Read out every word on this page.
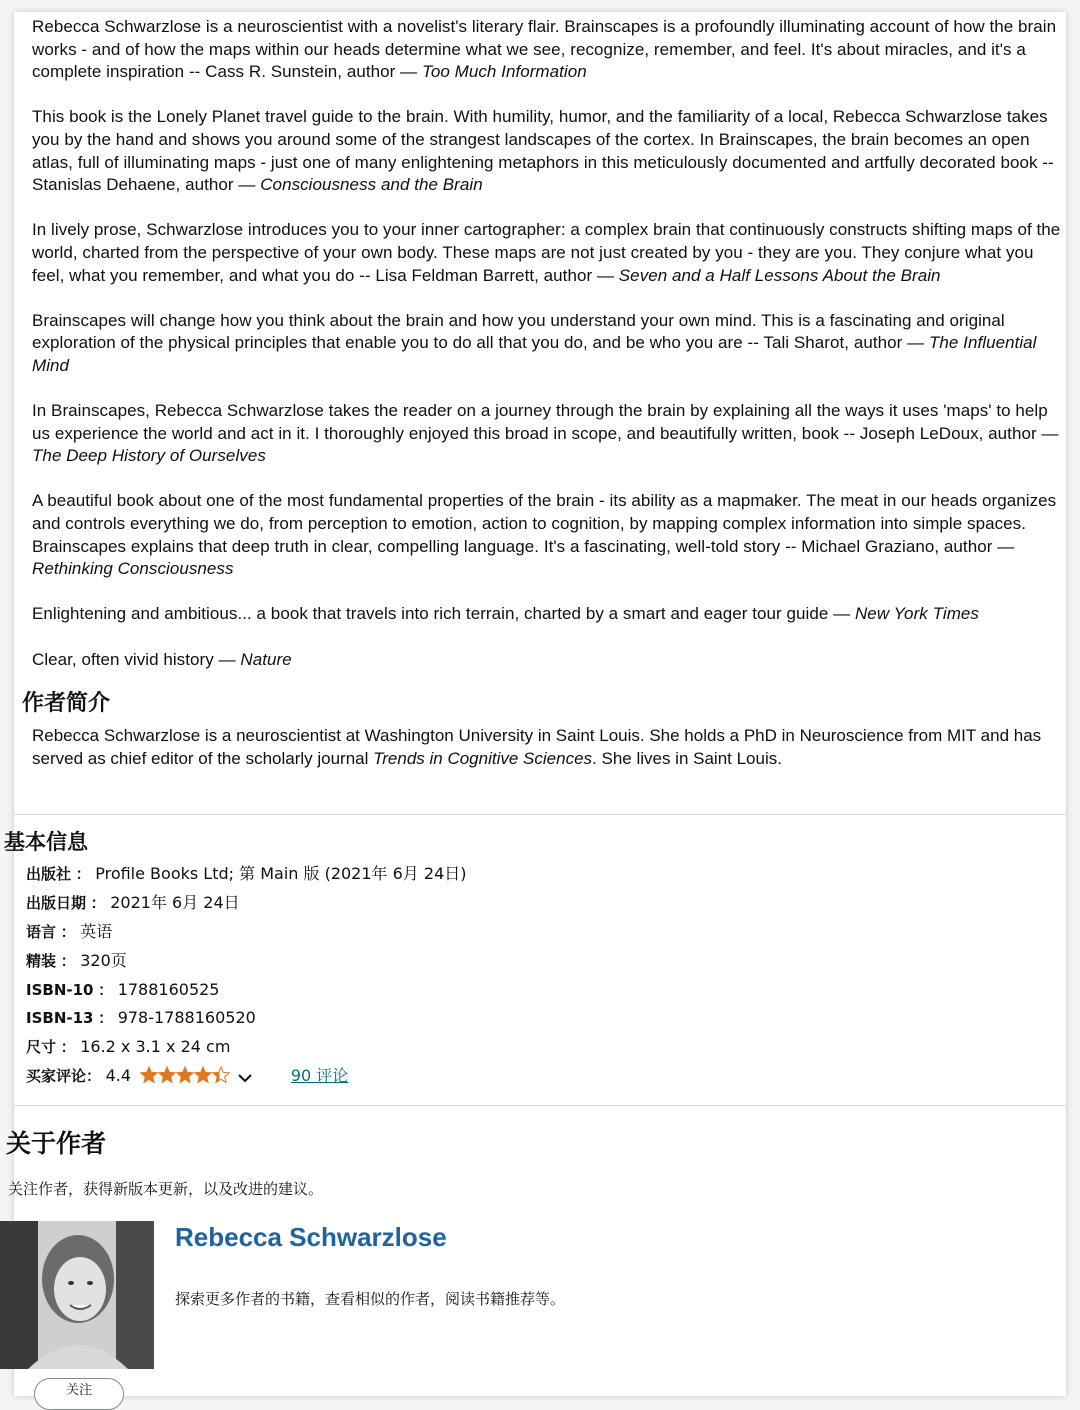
Rebecca Schwarzlose is a neuroscientist with a novelist's literary flair. Brainscapes is a profoundly illuminating account of how the brain works - and of how the maps within our heads determine what we see, recognize, remember, and feel. It's about miracles, and it's a complete inspiration -- Cass R. Sunstein, author — Too Much Information

This book is the Lonely Planet travel guide to the brain. With humility, humor, and the familiarity of a local, Rebecca Schwarzlose takes you by the hand and shows you around some of the strangest landscapes of the cortex. In Brainscapes, the brain becomes an open atlas, full of illuminating maps - just one of many enlightening metaphors in this meticulously documented and artfully decorated book -- Stanislas Dehaene, author — Consciousness and the Brain

In lively prose, Schwarzlose introduces you to your inner cartographer: a complex brain that continuously constructs shifting maps of the world, charted from the perspective of your own body. These maps are not just created by you - they are you. They conjure what you feel, what you remember, and what you do -- Lisa Feldman Barrett, author — Seven and a Half Lessons About the Brain

Brainscapes will change how you think about the brain and how you understand your own mind. This is a fascinating and original exploration of the physical principles that enable you to do all that you do, and be who you are -- Tali Sharot, author — The Influential Mind

In Brainscapes, Rebecca Schwarzlose takes the reader on a journey through the brain by explaining all the ways it uses 'maps' to help us experience the world and act in it. I thoroughly enjoyed this broad in scope, and beautifully written, book -- Joseph LeDoux, author — The Deep History of Ourselves

A beautiful book about one of the most fundamental properties of the brain - its ability as a mapmaker. The meat in our heads organizes and controls everything we do, from perception to emotion, action to cognition, by mapping complex information into simple spaces. Brainscapes explains that deep truth in clear, compelling language. It's a fascinating, well-told story -- Michael Graziano, author — Rethinking Consciousness

Enlightening and ambitious... a book that travels into rich terrain, charted by a smart and eager tour guide — New York Times

Clear, often vivid history — Nature

作者简介

Rebecca Schwarzlose is a neuroscientist at Washington University in Saint Louis. She holds a PhD in Neuroscience from MIT and has served as chief editor of the scholarly journal Trends in Cognitive Sciences. She lives in Saint Louis.

基本信息
出版社 ： Profile Books Ltd; 第 Main 版 (2021年 6月 24日)
出版日期 ： 2021年 6月 24日
语言 ： 英语
精装 ： 320页
ISBN-10 ： 1788160525
ISBN-13 ： 978-1788160520
尺寸 ： 16.2 x 3.1 x 24 cm
买家评论： 4.4	90 评论
关于作者

关注作者，获得新版本更新，以及改进的建议。

Rebecca Schwarzlose

探索更多作者的书籍，查看相似的作者，阅读书籍推荐等。

关注
